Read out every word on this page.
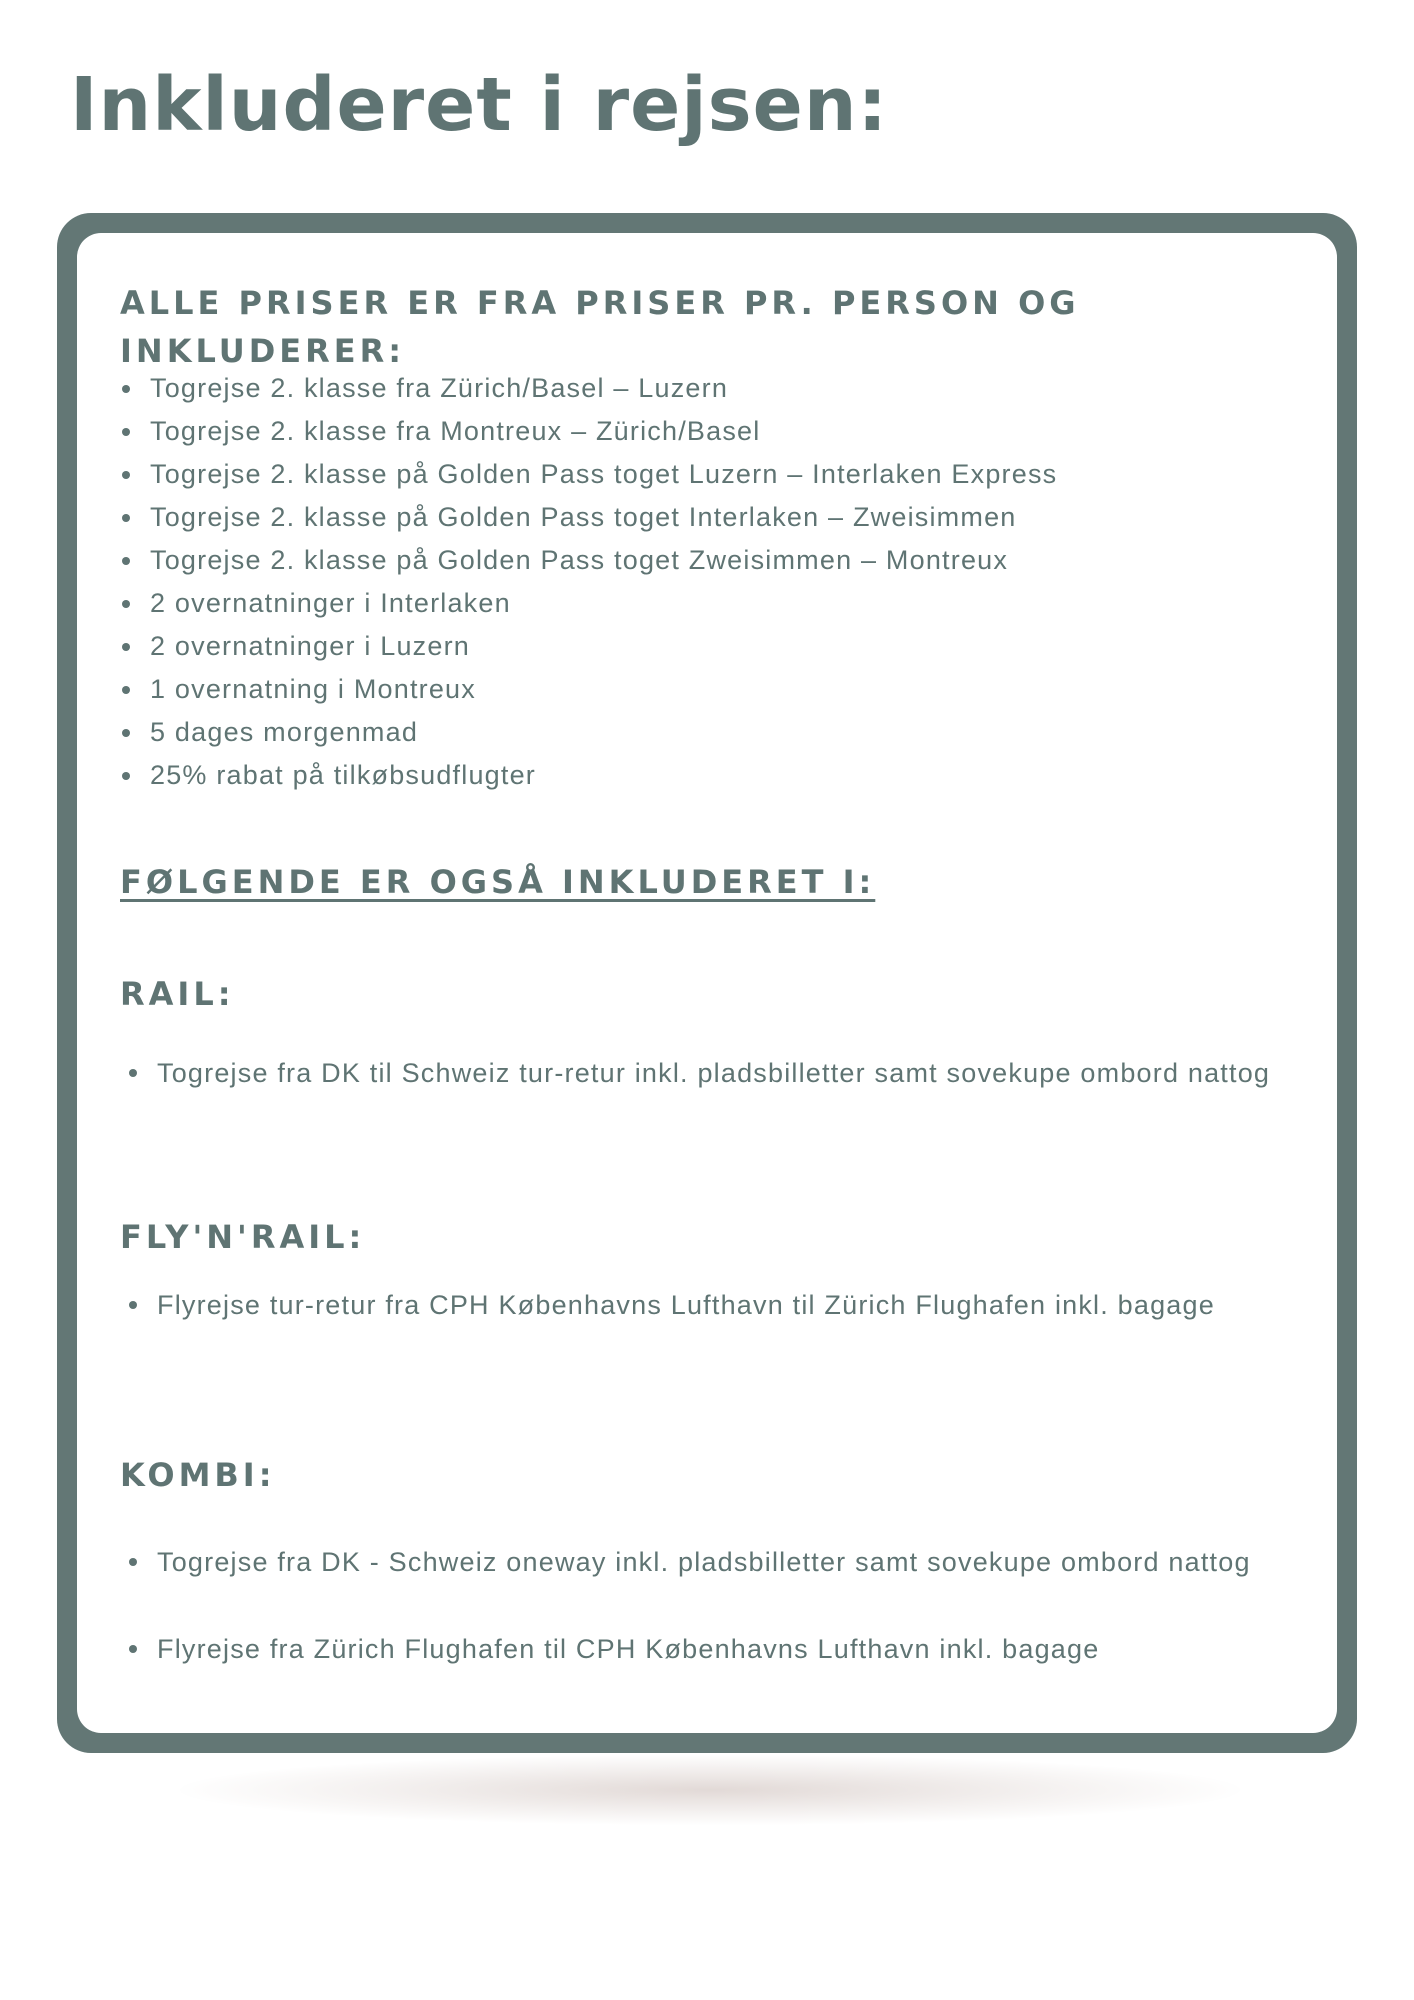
Inkluderet i rejsen:
ALLE PRISER ER FRA PRISER PR. PERSON OG INKLUDERER:
Togrejse 2. klasse fra Zürich/Basel – Luzern
Togrejse 2. klasse fra Montreux – Zürich/Basel
Togrejse 2. klasse på Golden Pass toget Luzern – Interlaken Express
Togrejse 2. klasse på Golden Pass toget Interlaken – Zweisimmen
Togrejse 2. klasse på Golden Pass toget Zweisimmen – Montreux
2 overnatninger i Interlaken
2 overnatninger i Luzern
1 overnatning i Montreux
5 dages morgenmad
25% rabat på tilkøbsudflugter
FØLGENDE ER OGSÅ INKLUDERET I:
RAIL:
Togrejse fra DK til Schweiz tur-retur inkl. pladsbilletter samt sovekupe ombord nattog
FLY'N'RAIL:
Flyrejse tur-retur fra CPH Københavns Lufthavn til Zürich Flughafen inkl. bagage
KOMBI:
Togrejse fra DK - Schweiz oneway inkl. pladsbilletter samt sovekupe ombord nattog
Flyrejse fra Zürich Flughafen til CPH Københavns Lufthavn inkl. bagage
